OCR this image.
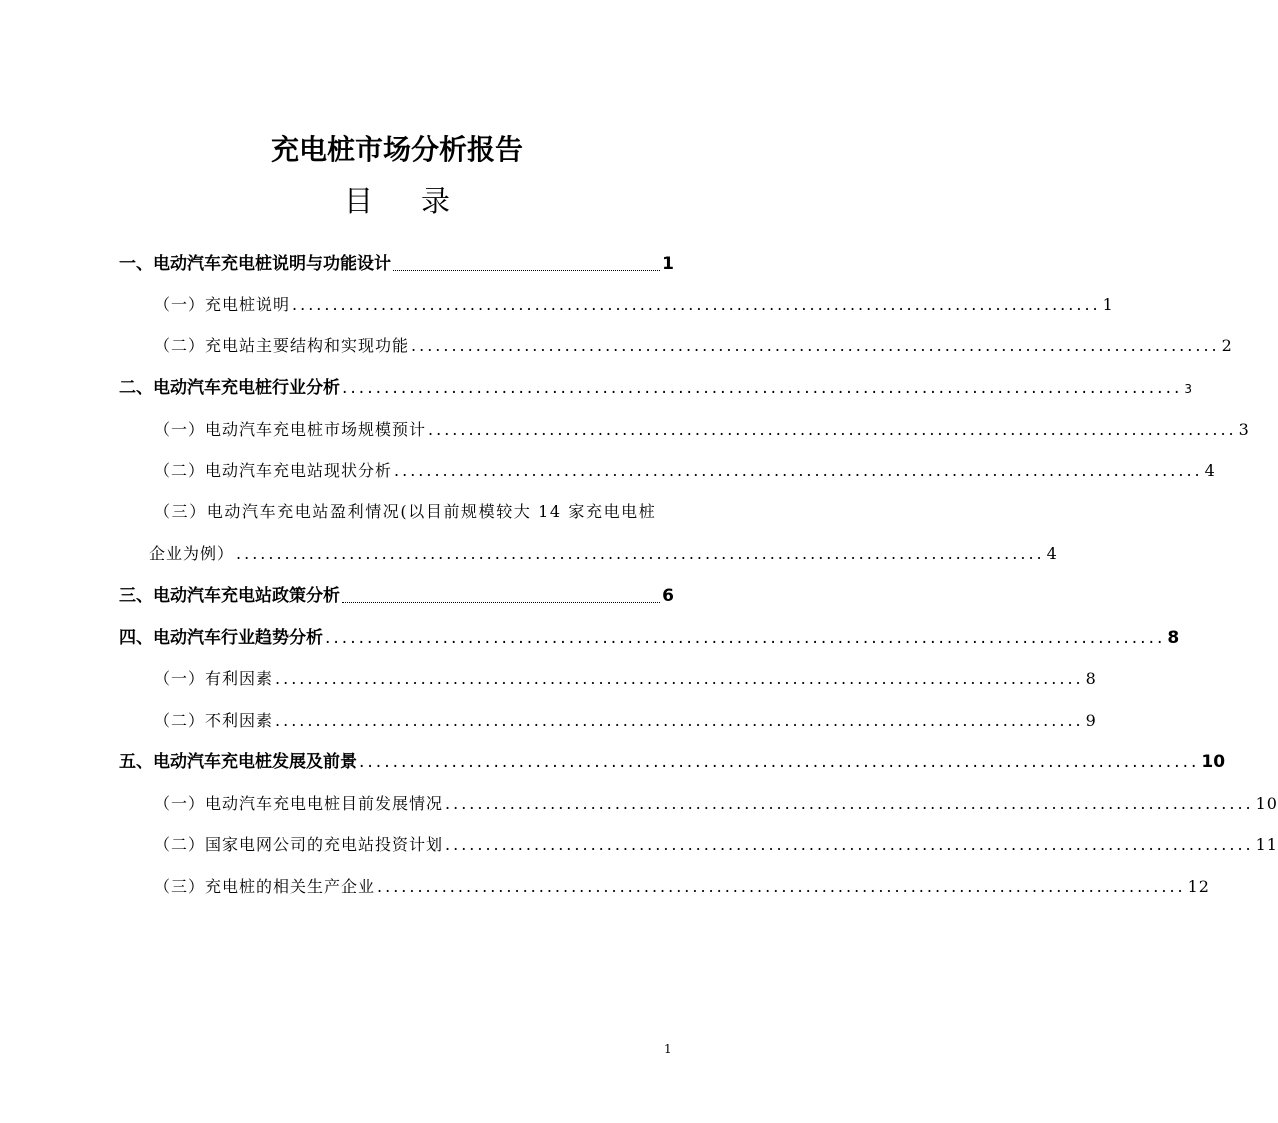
充电桩市场分析报告
目录
一、电动汽车充电桩说明与功能设计	1
（一）充电桩说明 .................................................................................................... 1
（二）充电站主要结构和实现功能 .................................................................................................... 2
二、电动汽车充电桩行业分析 .................................................................................................... 3
（一）电动汽车充电桩市场规模预计 .................................................................................................... 3
（二）电动汽车充电站现状分析 .................................................................................................... 4
（三）电动汽车充电站盈利情况(以目前规模较大 14 家充电电桩
企业为例） .................................................................................................... 4
三、电动汽车充电站政策分析	6
四、电动汽车行业趋势分析 .................................................................................................... 8
（一）有利因素 .................................................................................................... 8
（二）不利因素 .................................................................................................... 9
五、电动汽车充电桩发展及前景 .................................................................................................... 10
（一）电动汽车充电电桩目前发展情况 .................................................................................................... 10
（二）国家电网公司的充电站投资计划 .................................................................................................... 11
（三）充电桩的相关生产企业 .................................................................................................... 12
1
